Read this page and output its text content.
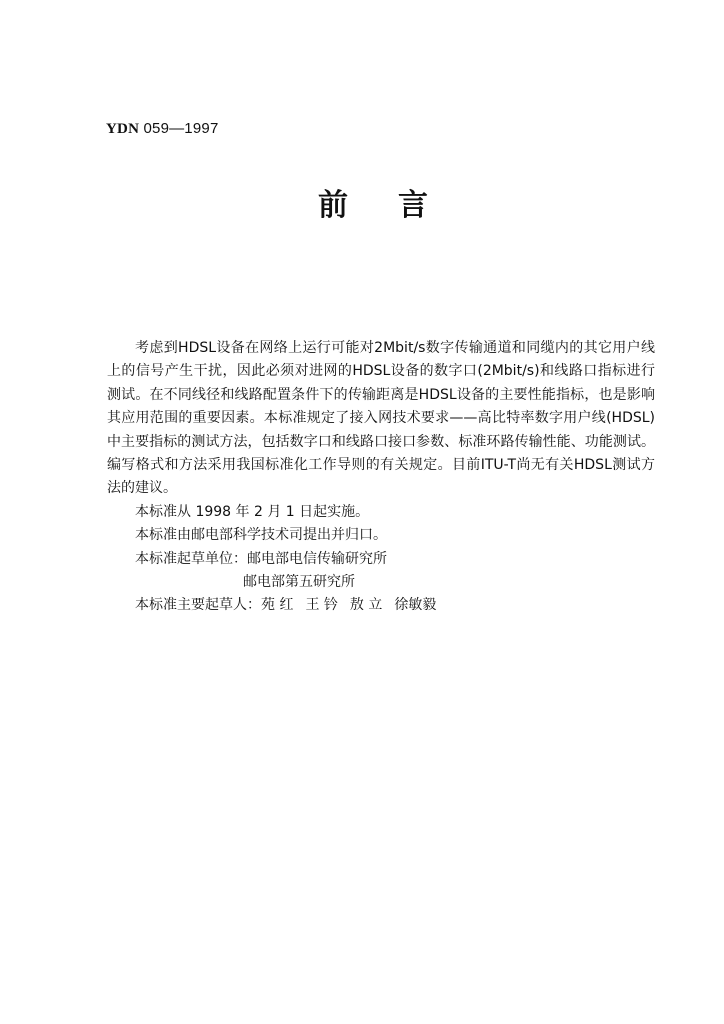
YDN 059—1997
前言

考虑到HDSL设备在网络上运行可能对2Mbit/s数字传输通道和同缆内的其它用户线上的信号产生干扰，因此必须对进网的HDSL设备的数字口(2Mbit/s)和线路口指标进行测试。在不同线径和线路配置条件下的传输距离是HDSL设备的主要性能指标，也是影响其应用范围的重要因素。本标准规定了接入网技术要求——高比特率数字用户线(HDSL)中主要指标的测试方法，包括数字口和线路口接口参数、标准环路传输性能、功能测试。编写格式和方法采用我国标准化工作导则的有关规定。目前ITU-T尚无有关HDSL测试方法的建议。

本标准从 1998 年 2 月 1 日起实施。

本标准由邮电部科学技术司提出并归口。

本标准起草单位：邮电部电信传输研究所

邮电部第五研究所

本标准主要起草人：苑 红 王 钤 敖 立 徐敏毅
